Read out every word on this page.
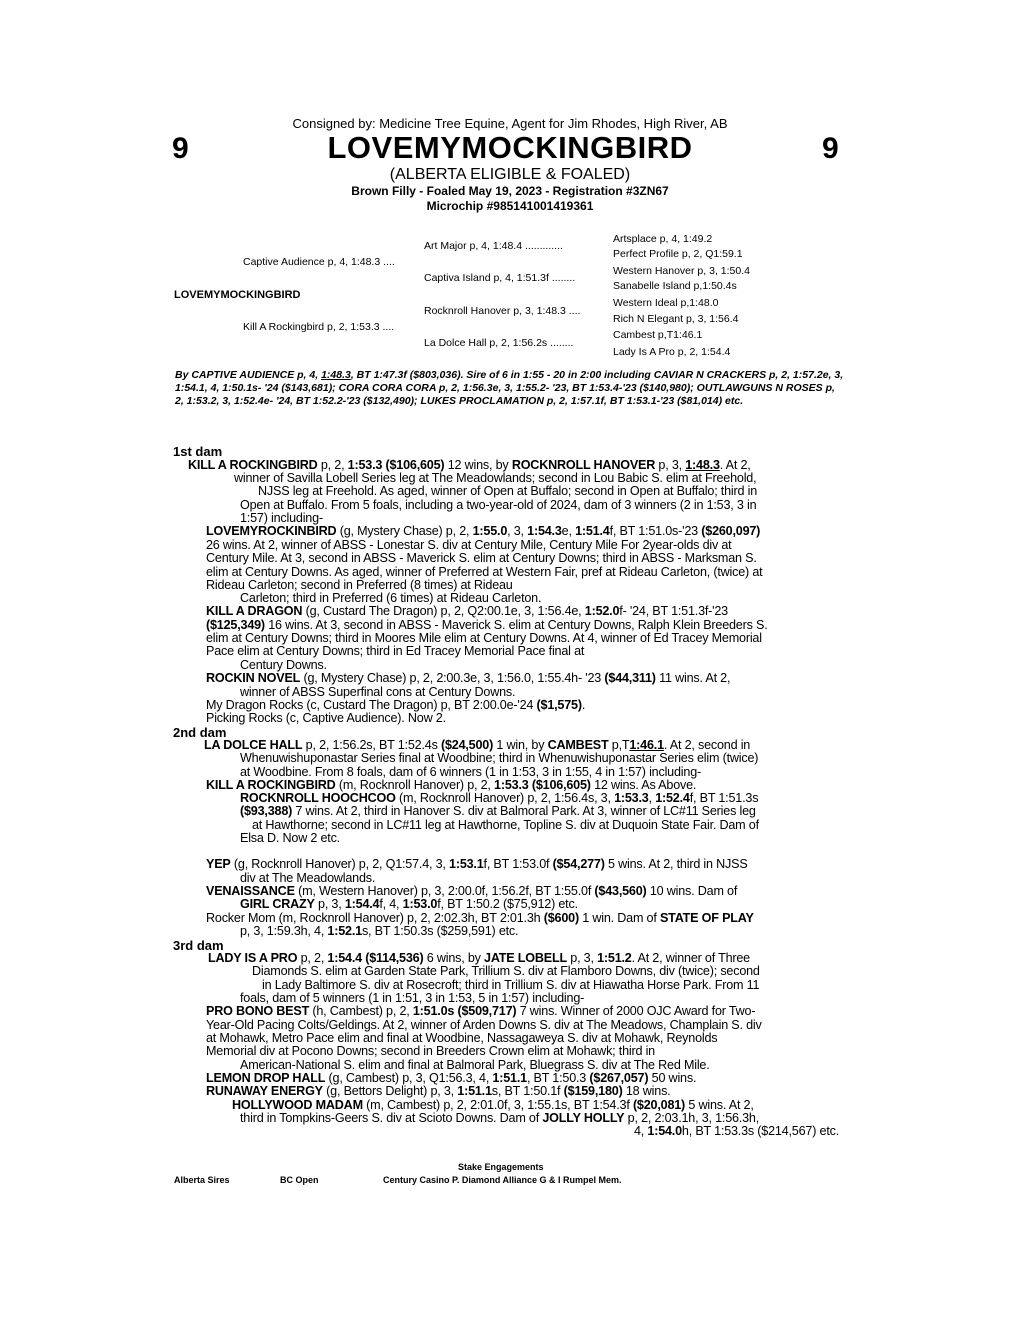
Consigned by: Medicine Tree Equine, Agent for Jim Rhodes, High River, AB
9	9
LOVEMYMOCKINGBIRD
(ALBERTA ELIGIBLE & FOALED)
Brown Filly - Foaled May 19, 2023 - Registration #3ZN67
Microchip #985141001419361
Captive Audience p, 4, 1:48.3 ....
LOVEMYMOCKINGBIRD
Kill A Rockingbird p, 2, 1:53.3 ....
Art Major p, 4, 1:48.4 .............
Captiva Island p, 4, 1:51.3f ........
Rocknroll Hanover p, 3, 1:48.3 ....
La Dolce Hall p, 2, 1:56.2s ........
Artsplace p, 4, 1:49.2
Perfect Profile p, 2, Q1:59.1
Western Hanover p, 3, 1:50.4
Sanabelle Island p,1:50.4s
Western Ideal p,1:48.0
Rich N Elegant p, 3, 1:56.4
Cambest p,T1:46.1
Lady Is A Pro p, 2, 1:54.4
By CAPTIVE AUDIENCE p, 4, 1:48.3, BT 1:47.3f ($803,036). Sire of 6 in 1:55 - 20 in 2:00 including CAVIAR N CRACKERS p, 2, 1:57.2e, 3, 1:54.1, 4, 1:50.1s- '24 ($143,681); CORA CORA CORA p, 2, 1:56.3e, 3, 1:55.2- '23, BT 1:53.4-'23 ($140,980); OUTLAWGUNS N ROSES p, 2, 1:53.2, 3, 1:52.4e- '24, BT 1:52.2-'23 ($132,490); LUKES PROCLAMATION p, 2, 1:57.1f, BT 1:53.1-'23 ($81,014) etc.
1st dam
KILL A ROCKINGBIRD p, 2, 1:53.3 ($106,605) 12 wins, by ROCKNROLL HANOVER p, 3, 1:48.3. At 2,
winner of Savilla Lobell Series leg at The Meadowlands; second in Lou Babic S. elim at Freehold,
NJSS leg at Freehold. As aged, winner of Open at Buffalo; second in Open at Buffalo; third in
Open at Buffalo. From 5 foals, including a two-year-old of 2024, dam of 3 winners (2 in 1:53, 3 in
1:57) including-
LOVEMYROCKINBIRD (g, Mystery Chase) p, 2, 1:55.0, 3, 1:54.3e, 1:51.4f, BT 1:51.0s-'23 ($260,097)
26 wins. At 2, winner of ABSS - Lonestar S. div at Century Mile, Century Mile For 2year-olds div at
Century Mile. At 3, second in ABSS - Maverick S. elim at Century Downs; third in ABSS - Marksman S.
elim at Century Downs. As aged, winner of Preferred at Western Fair, pref at Rideau Carleton, (twice) at
Rideau Carleton; second in Preferred (8 times) at Rideau
Carleton; third in Preferred (6 times) at Rideau Carleton.
KILL A DRAGON (g, Custard The Dragon) p, 2, Q2:00.1e, 3, 1:56.4e, 1:52.0f- '24, BT 1:51.3f-'23
($125,349) 16 wins. At 3, second in ABSS - Maverick S. elim at Century Downs, Ralph Klein Breeders S.
elim at Century Downs; third in Moores Mile elim at Century Downs. At 4, winner of Ed Tracey Memorial
Pace elim at Century Downs; third in Ed Tracey Memorial Pace final at
Century Downs.
ROCKIN NOVEL (g, Mystery Chase) p, 2, 2:00.3e, 3, 1:56.0, 1:55.4h- '23 ($44,311) 11 wins. At 2,
winner of ABSS Superfinal cons at Century Downs.
My Dragon Rocks (c, Custard The Dragon) p, BT 2:00.0e-'24 ($1,575).
Picking Rocks (c, Captive Audience). Now 2.
2nd dam
LA DOLCE HALL p, 2, 1:56.2s, BT 1:52.4s ($24,500) 1 win, by CAMBEST p,T1:46.1. At 2, second in
Whenuwishuponastar Series final at Woodbine; third in Whenuwishuponastar Series elim (twice)
at Woodbine. From 8 foals, dam of 6 winners (1 in 1:53, 3 in 1:55, 4 in 1:57) including-
KILL A ROCKINGBIRD (m, Rocknroll Hanover) p, 2, 1:53.3 ($106,605) 12 wins. As Above.
ROCKNROLL HOOCHCOO (m, Rocknroll Hanover) p, 2, 1:56.4s, 3, 1:53.3, 1:52.4f, BT 1:51.3s
($93,388) 7 wins. At 2, third in Hanover S. div at Balmoral Park. At 3, winner of LC#11 Series leg
at Hawthorne; second in LC#11 leg at Hawthorne, Topline S. div at Duquoin State Fair. Dam of
Elsa D. Now 2 etc.
YEP (g, Rocknroll Hanover) p, 2, Q1:57.4, 3, 1:53.1f, BT 1:53.0f ($54,277) 5 wins. At 2, third in NJSS
div at The Meadowlands.
VENAISSANCE (m, Western Hanover) p, 3, 2:00.0f, 1:56.2f, BT 1:55.0f ($43,560) 10 wins. Dam of
GIRL CRAZY p, 3, 1:54.4f, 4, 1:53.0f, BT 1:50.2 ($75,912) etc.
Rocker Mom (m, Rocknroll Hanover) p, 2, 2:02.3h, BT 2:01.3h ($600) 1 win. Dam of STATE OF PLAY
p, 3, 1:59.3h, 4, 1:52.1s, BT 1:50.3s ($259,591) etc.
3rd dam
LADY IS A PRO p, 2, 1:54.4 ($114,536) 6 wins, by JATE LOBELL p, 3, 1:51.2. At 2, winner of Three
Diamonds S. elim at Garden State Park, Trillium S. div at Flamboro Downs, div (twice); second
in Lady Baltimore S. div at Rosecroft; third in Trillium S. div at Hiawatha Horse Park. From 11
foals, dam of 5 winners (1 in 1:51, 3 in 1:53, 5 in 1:57) including-
PRO BONO BEST (h, Cambest) p, 2, 1:51.0s ($509,717) 7 wins. Winner of 2000 OJC Award for Two-
Year-Old Pacing Colts/Geldings. At 2, winner of Arden Downs S. div at The Meadows, Champlain S. div
at Mohawk, Metro Pace elim and final at Woodbine, Nassagaweya S. div at Mohawk, Reynolds
Memorial div at Pocono Downs; second in Breeders Crown elim at Mohawk; third in
American-National S. elim and final at Balmoral Park, Bluegrass S. div at The Red Mile.
LEMON DROP HALL (g, Cambest) p, 3, Q1:56.3, 4, 1:51.1, BT 1:50.3 ($267,057) 50 wins.
RUNAWAY ENERGY (g, Bettors Delight) p, 3, 1:51.1s, BT 1:50.1f ($159,180) 18 wins.
HOLLYWOOD MADAM (m, Cambest) p, 2, 2:01.0f, 3, 1:55.1s, BT 1:54.3f ($20,081) 5 wins. At 2,
third in Tompkins-Geers S. div at Scioto Downs. Dam of JOLLY HOLLY p, 2, 2:03.1h, 3, 1:56.3h,
4, 1:54.0h, BT 1:53.3s ($214,567) etc.
Stake Engagements
Alberta Sires	BC Open	Century Casino P. Diamond Alliance G & I Rumpel Mem.
